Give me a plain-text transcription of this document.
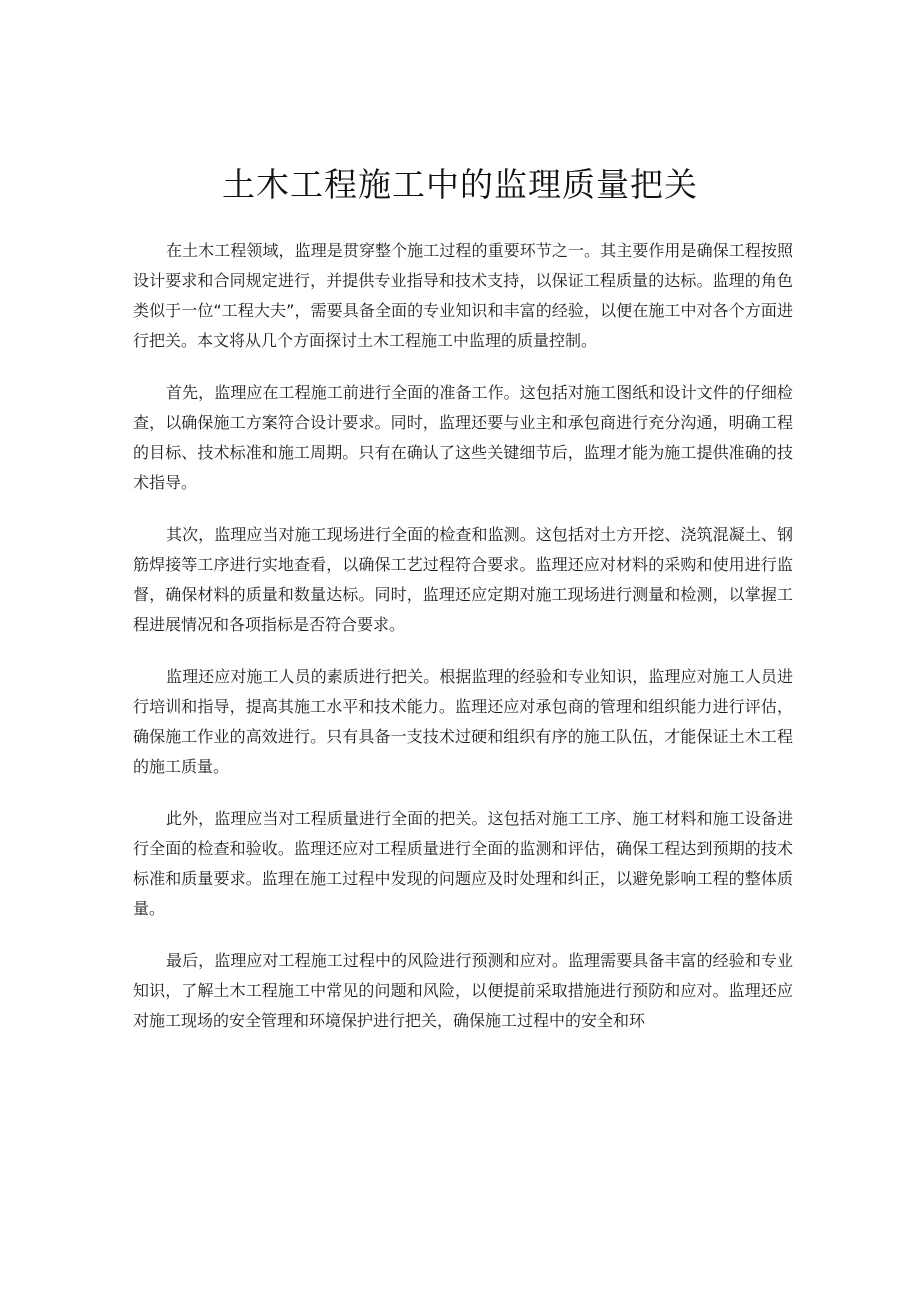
土木工程施工中的监理质量把关

在土木工程领域，监理是贯穿整个施工过程的重要环节之一。其主要作用是确保工程按照设计要求和合同规定进行，并提供专业指导和技术支持，以保证工程质量的达标。监理的角色类似于一位“工程大夫”，需要具备全面的专业知识和丰富的经验，以便在施工中对各个方面进行把关。本文将从几个方面探讨土木工程施工中监理的质量控制。

首先，监理应在工程施工前进行全面的准备工作。这包括对施工图纸和设计文件的仔细检查，以确保施工方案符合设计要求。同时，监理还要与业主和承包商进行充分沟通，明确工程的目标、技术标准和施工周期。只有在确认了这些关键细节后，监理才能为施工提供准确的技术指导。

其次，监理应当对施工现场进行全面的检查和监测。这包括对土方开挖、浇筑混凝土、钢筋焊接等工序进行实地查看，以确保工艺过程符合要求。监理还应对材料的采购和使用进行监督，确保材料的质量和数量达标。同时，监理还应定期对施工现场进行测量和检测，以掌握工程进展情况和各项指标是否符合要求。

监理还应对施工人员的素质进行把关。根据监理的经验和专业知识，监理应对施工人员进行培训和指导，提高其施工水平和技术能力。监理还应对承包商的管理和组织能力进行评估，确保施工作业的高效进行。只有具备一支技术过硬和组织有序的施工队伍，才能保证土木工程的施工质量。

此外，监理应当对工程质量进行全面的把关。这包括对施工工序、施工材料和施工设备进行全面的检查和验收。监理还应对工程质量进行全面的监测和评估，确保工程达到预期的技术标准和质量要求。监理在施工过程中发现的问题应及时处理和纠正，以避免影响工程的整体质量。

最后，监理应对工程施工过程中的风险进行预测和应对。监理需要具备丰富的经验和专业知识，了解土木工程施工中常见的问题和风险，以便提前采取措施进行预防和应对。监理还应对施工现场的安全管理和环境保护进行把关，确保施工过程中的安全和环
